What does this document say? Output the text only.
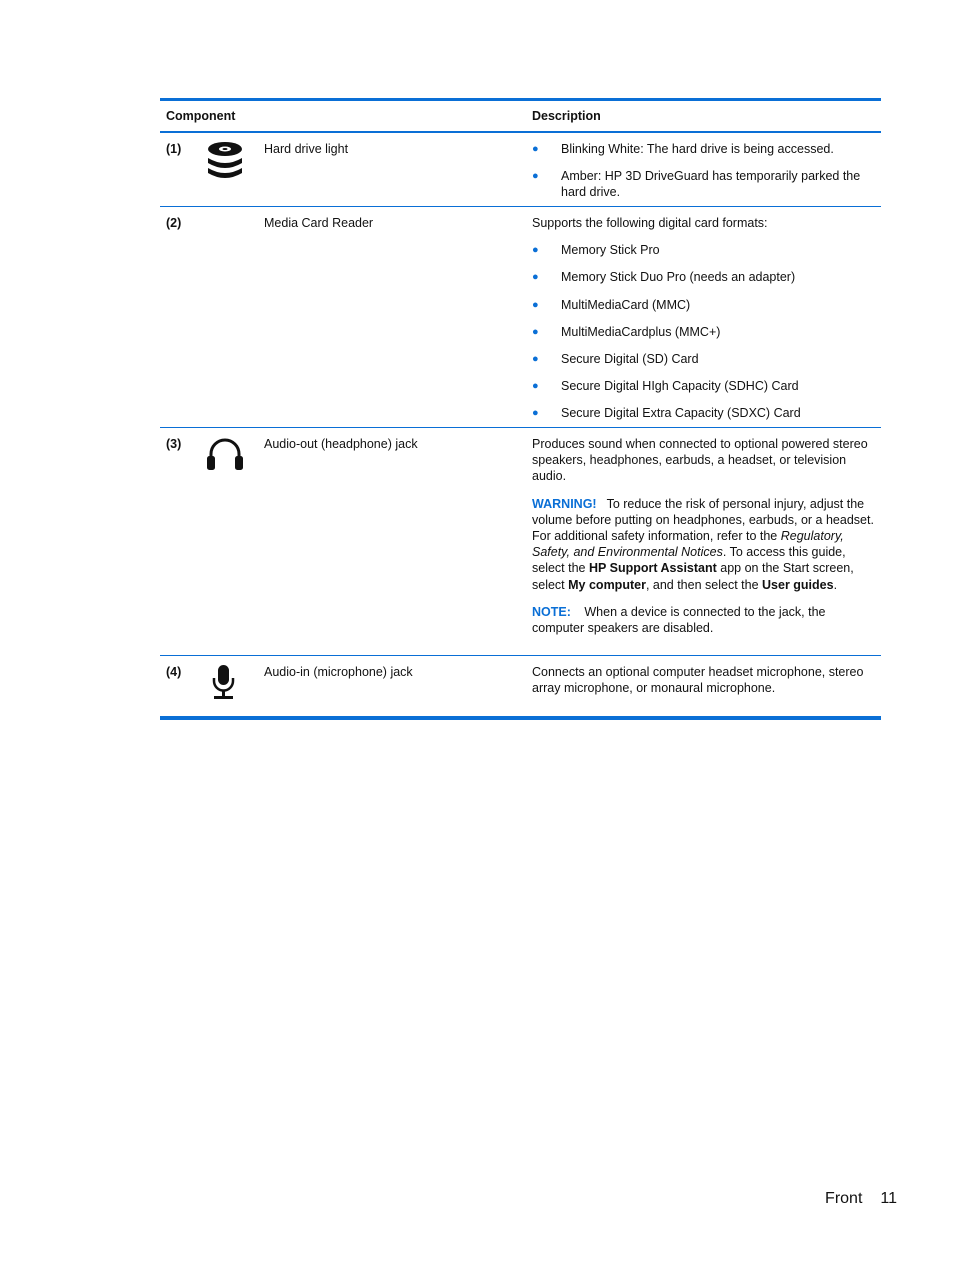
Component	Description
(1)	Hard drive light	●	Blinking White: The hard drive is being accessed.
●	Amber: HP 3D DriveGuard has temporarily parked the hard drive.
(2)	Media Card Reader	Supports the following digital card formats:
●	Memory Stick Pro
●	Memory Stick Duo Pro (needs an adapter)
●	MultiMediaCard (MMC)
●	MultiMediaCardplus (MMC+)
●	Secure Digital (SD) Card
●	Secure Digital HIgh Capacity (SDHC) Card
●	Secure Digital Extra Capacity (SDXC) Card
(3)	Audio-out (headphone) jack	Produces sound when connected to optional powered stereo speakers, headphones, earbuds, a headset, or television audio.
WARNING! To reduce the risk of personal injury, adjust the volume before putting on headphones, earbuds, or a headset. For additional safety information, refer to the Regulatory, Safety, and Environmental Notices. To access this guide, select the HP Support Assistant app on the Start screen, select My computer, and then select the User guides.
NOTE: When a device is connected to the jack, the computer speakers are disabled.
(4)	Audio-in (microphone) jack	Connects an optional computer headset microphone, stereo array microphone, or monaural microphone.
Front 11
